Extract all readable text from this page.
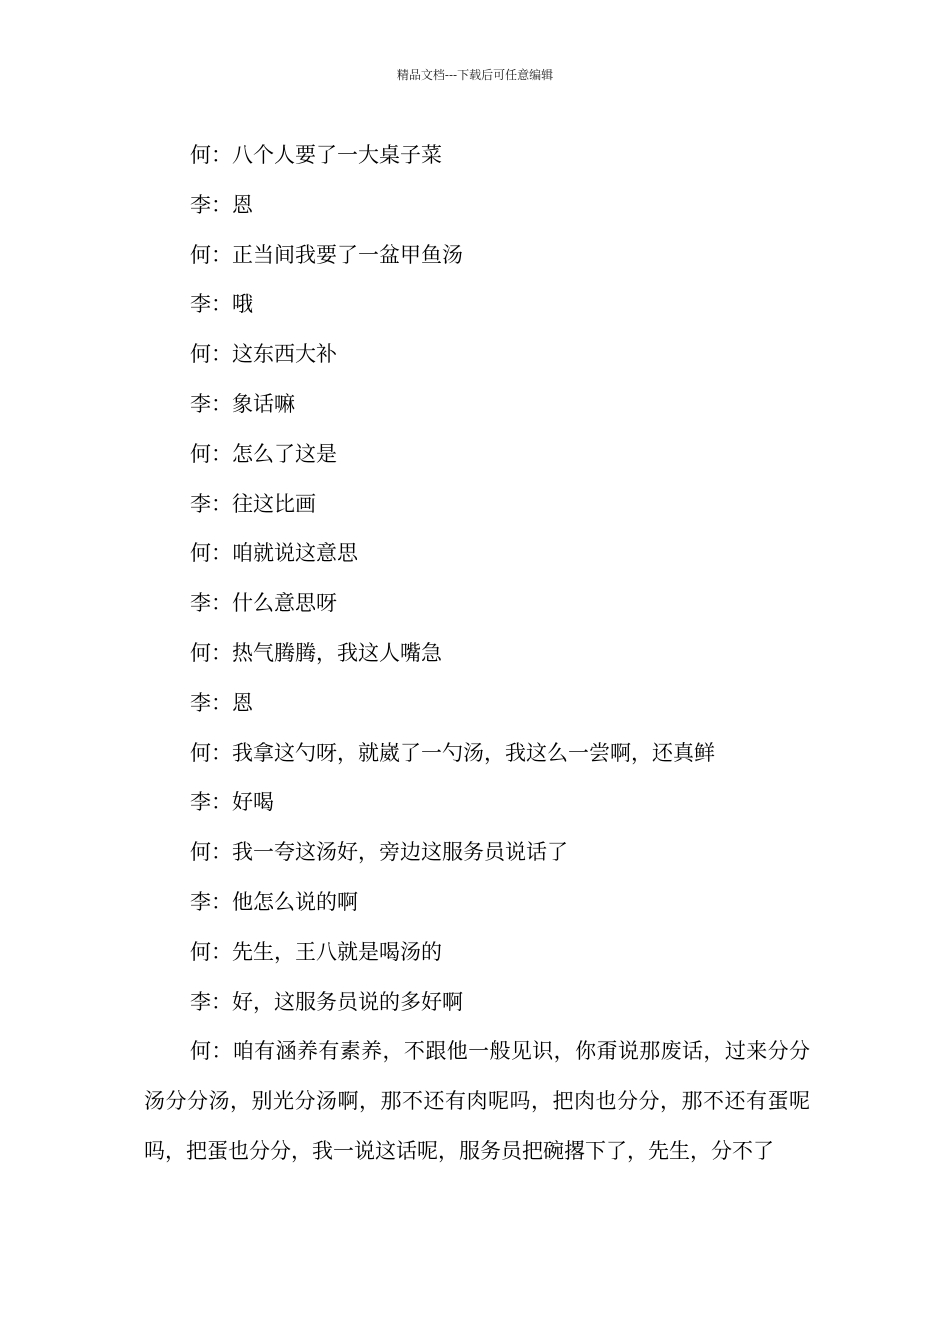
精品文档---下载后可任意编辑
何：八个人要了一大桌子菜
李：恩
何：正当间我要了一盆甲鱼汤
李：哦
何：这东西大补
李：象话嘛
何：怎么了这是
李：往这比画
何：咱就说这意思
李：什么意思呀
何：热气腾腾，我这人嘴急
李：恩
何：我拿这勺呀，就崴了一勺汤，我这么一尝啊，还真鲜
李：好喝
何：我一夸这汤好，旁边这服务员说话了
李：他怎么说的啊
何：先生，王八就是喝汤的
李：好，这服务员说的多好啊

何：咱有涵养有素养，不跟他一般见识，你甭说那废话，过来分分汤分分汤，别光分汤啊，那不还有肉呢吗，把肉也分分，那不还有蛋呢吗，把蛋也分分，我一说这话呢，服务员把碗撂下了，先生，分不了
